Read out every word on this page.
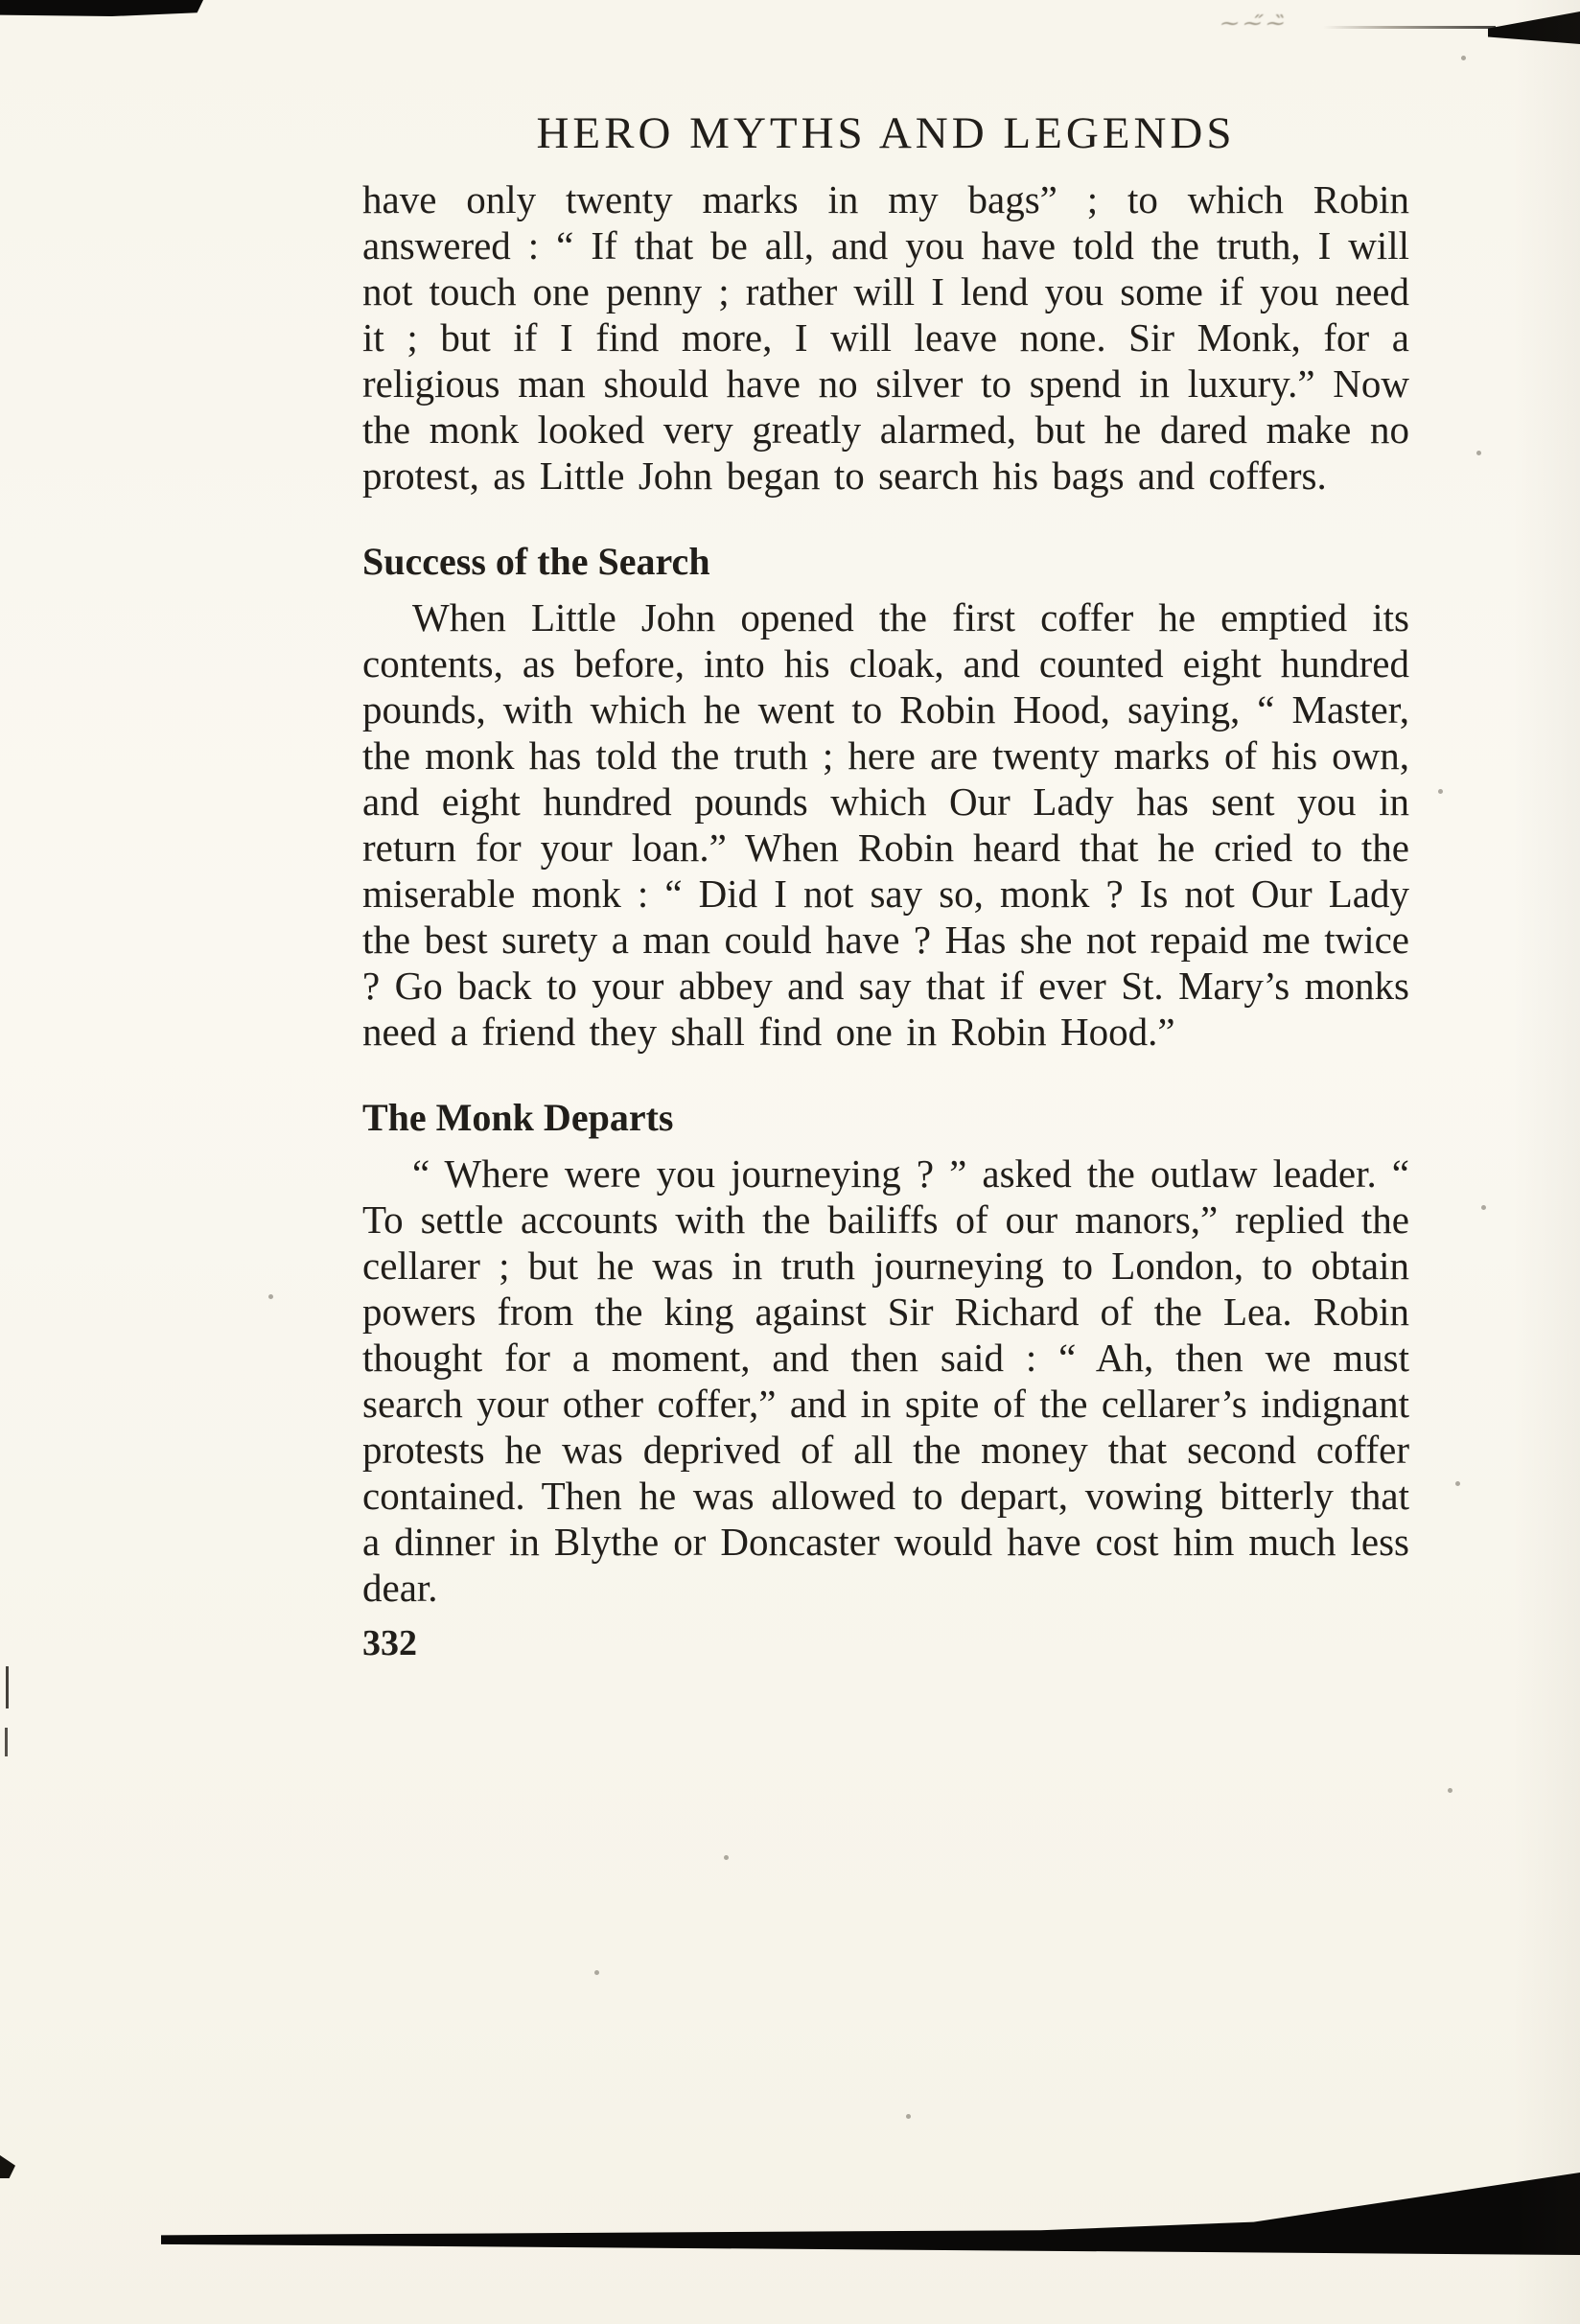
HERO MYTHS AND LEGENDS

have only twenty marks in my bags” ; to which Robin answered : “ If that be all, and you have told the truth, I will not touch one penny ; rather will I lend you some if you need it ; but if I find more, I will leave none. Sir Monk, for a religious man should have no silver to spend in luxury.” Now the monk looked very greatly alarmed, but he dared make no protest, as Little John began to search his bags and coffers.

Success of the Search

When Little John opened the first coffer he emptied its contents, as before, into his cloak, and counted eight hundred pounds, with which he went to Robin Hood, saying, “ Master, the monk has told the truth ; here are twenty marks of his own, and eight hundred pounds which Our Lady has sent you in return for your loan.” When Robin heard that he cried to the miserable monk : “ Did I not say so, monk ? Is not Our Lady the best surety a man could have ? Has she not repaid me twice ? Go back to your abbey and say that if ever St. Mary’s monks need a friend they shall find one in Robin Hood.”

The Monk Departs

“ Where were you journeying ? ” asked the outlaw leader. “ To settle accounts with the bailiffs of our manors,” replied the cellarer ; but he was in truth journeying to London, to obtain powers from the king against Sir Richard of the Lea. Robin thought for a moment, and then said : “ Ah, then we must search your other coffer,” and in spite of the cellarer’s indignant protests he was deprived of all the money that second coffer contained. Then he was allowed to depart, vowing bitterly that a dinner in Blythe or Doncaster would have cost him much less dear.

332
~~̋~̏
